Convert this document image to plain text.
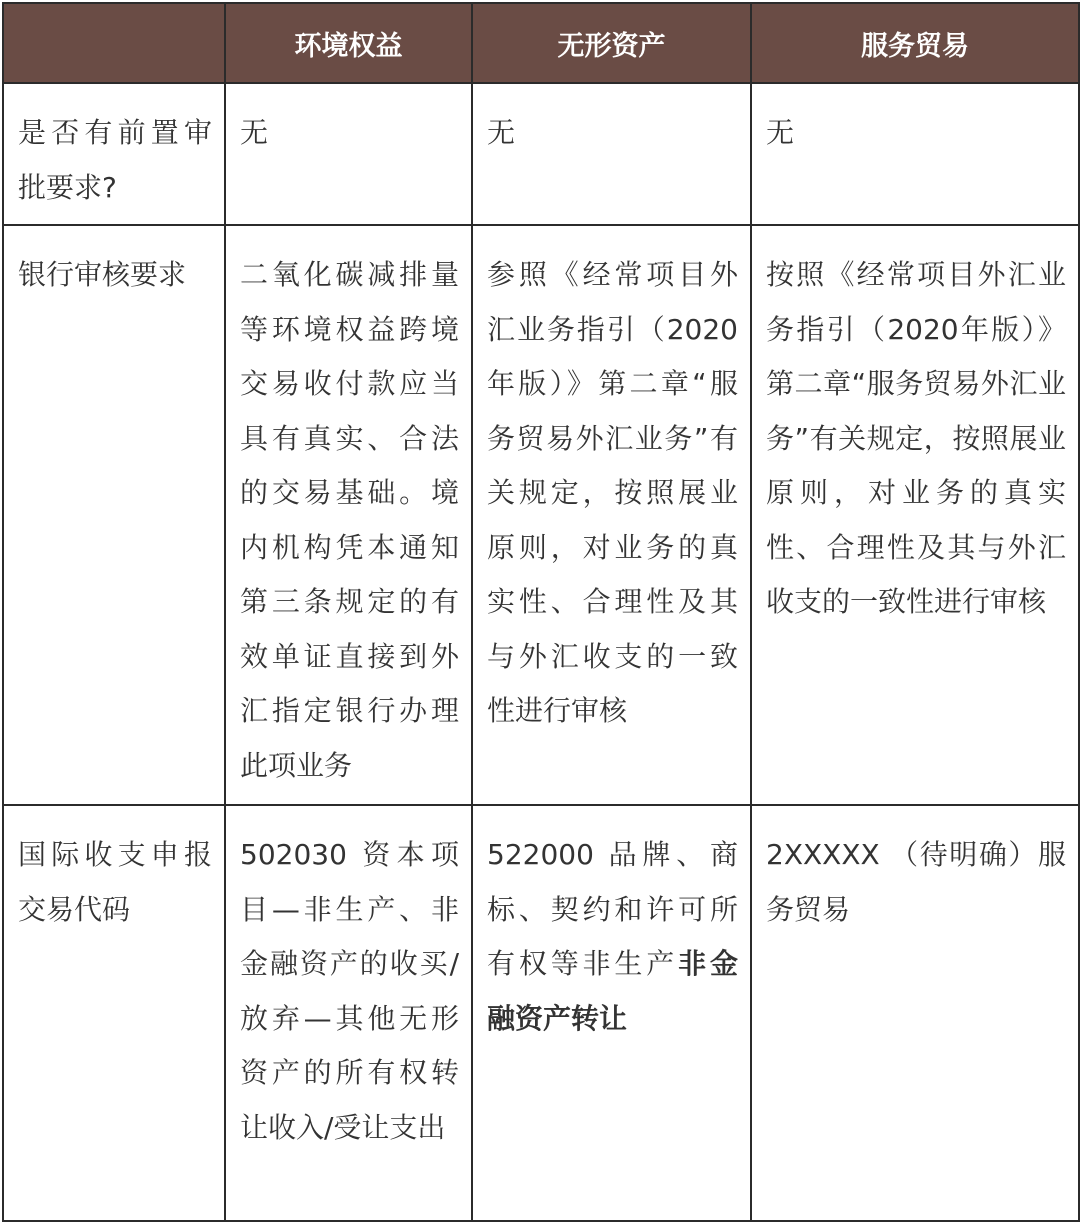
	环境权益	无形资产	服务贸易
是否有前置审批要求?	无	无	无
银行审核要求	二氧化碳减排量等环境权益跨境交易收付款应当具有真实、合法的交易基础。境内机构凭本通知第三条规定的有效单证直接到外汇指定银行办理此项业务	参照《经常项目外汇业务指引（2020年版）》第二章“服务贸易外汇业务”有关规定，按照展业原则，对业务的真实性、合理性及其与外汇收支的一致性进行审核	按照《经常项目外汇业务指引（2020年版）》第二章“服务贸易外汇业务”有关规定，按照展业原则，对业务的真实性、合理性及其与外汇收支的一致性进行审核
国际收支申报交易代码	502030 资本项目—非生产、非金融资产的收买/放弃—其他无形资产的所有权转让收入/受让支出	522000 品牌、商标、契约和许可所有权等非生产非金融资产转让	2XXXXX （待明确）服务贸易
